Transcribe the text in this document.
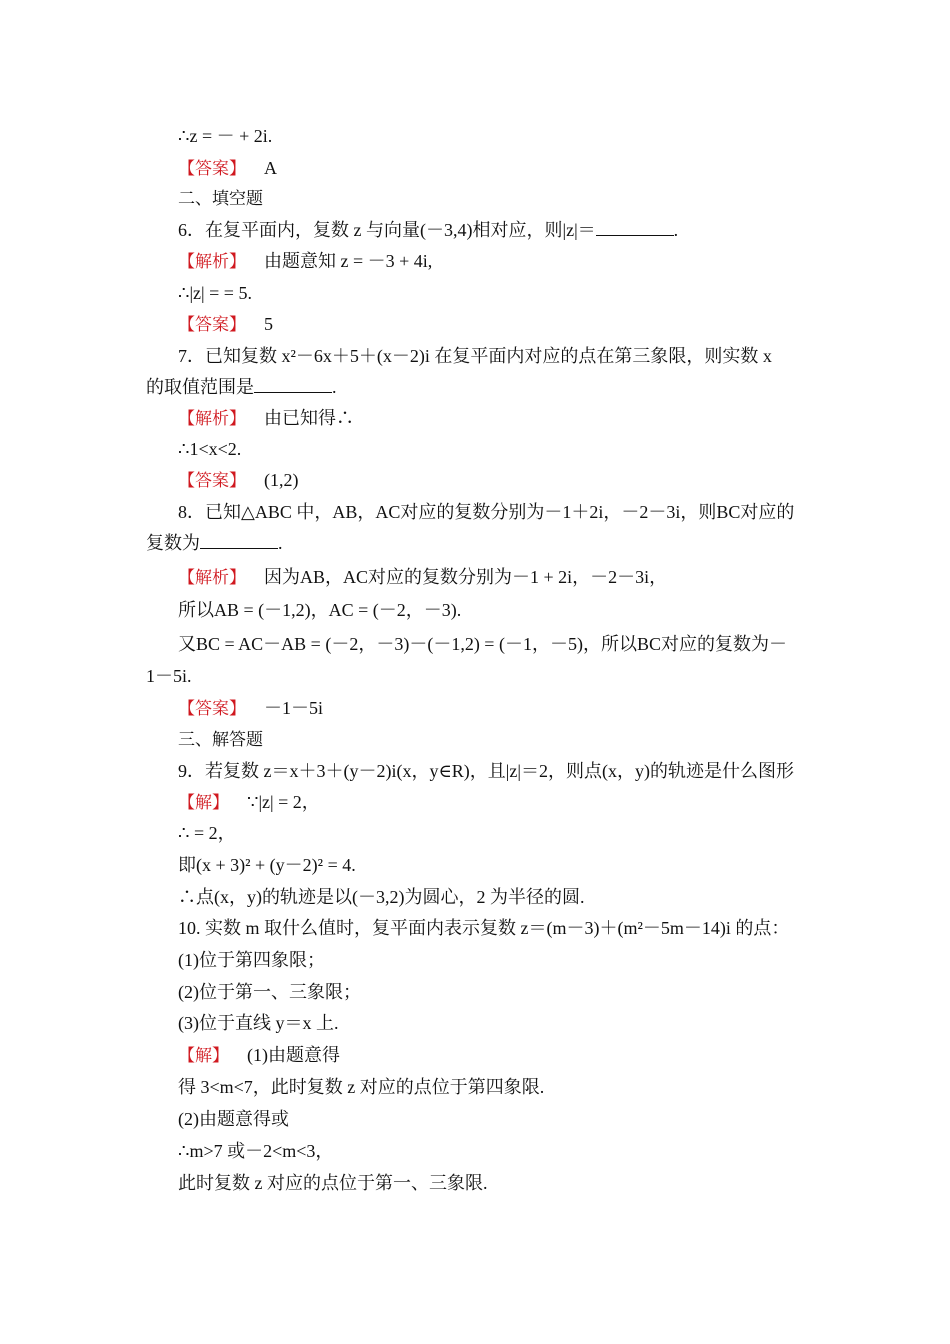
∴z = － + 2i.
【答案】 A
二、填空题
6．在复平面内，复数 z 与向量(－3,4)相对应，则|z|＝	.
【解析】 由题意知 z = －3 + 4i,
∴|z| = = 5.
【答案】 5
7．已知复数 x²－6x＋5＋(x－2)i 在复平面内对应的点在第三象限，则实数 x
的取值范围是	.
【解析】 由已知得∴
∴1<x<2.
【答案】 (1,2)
8．已知△ABC 中，AB，AC对应的复数分别为－1＋2i，－2－3i，则BC对应的
复数为	.
【解析】 因为AB，AC对应的复数分别为－1 + 2i，－2－3i，
所以AB = (－1,2)，AC = (－2，－3).
又BC = AC－AB = (－2，－3)－(－1,2) = (－1，－5)，所以BC对应的复数为－
1－5i.
【答案】 －1－5i
三、解答题
9．若复数 z＝x＋3＋(y－2)i(x，y∈R)，且|z|＝2，则点(x，y)的轨迹是什么图形
【解】 ∵|z| = 2，
∴ = 2，
即(x + 3)² + (y－2)² = 4.
∴点(x，y)的轨迹是以(－3,2)为圆心，2 为半径的圆.
10. 实数 m 取什么值时，复平面内表示复数 z＝(m－3)＋(m²－5m－14)i 的点：
(1)位于第四象限；
(2)位于第一、三象限；
(3)位于直线 y＝x 上.
【解】 (1)由题意得
得 3<m<7，此时复数 z 对应的点位于第四象限.
(2)由题意得或
∴m>7 或－2<m<3，
此时复数 z 对应的点位于第一、三象限.
